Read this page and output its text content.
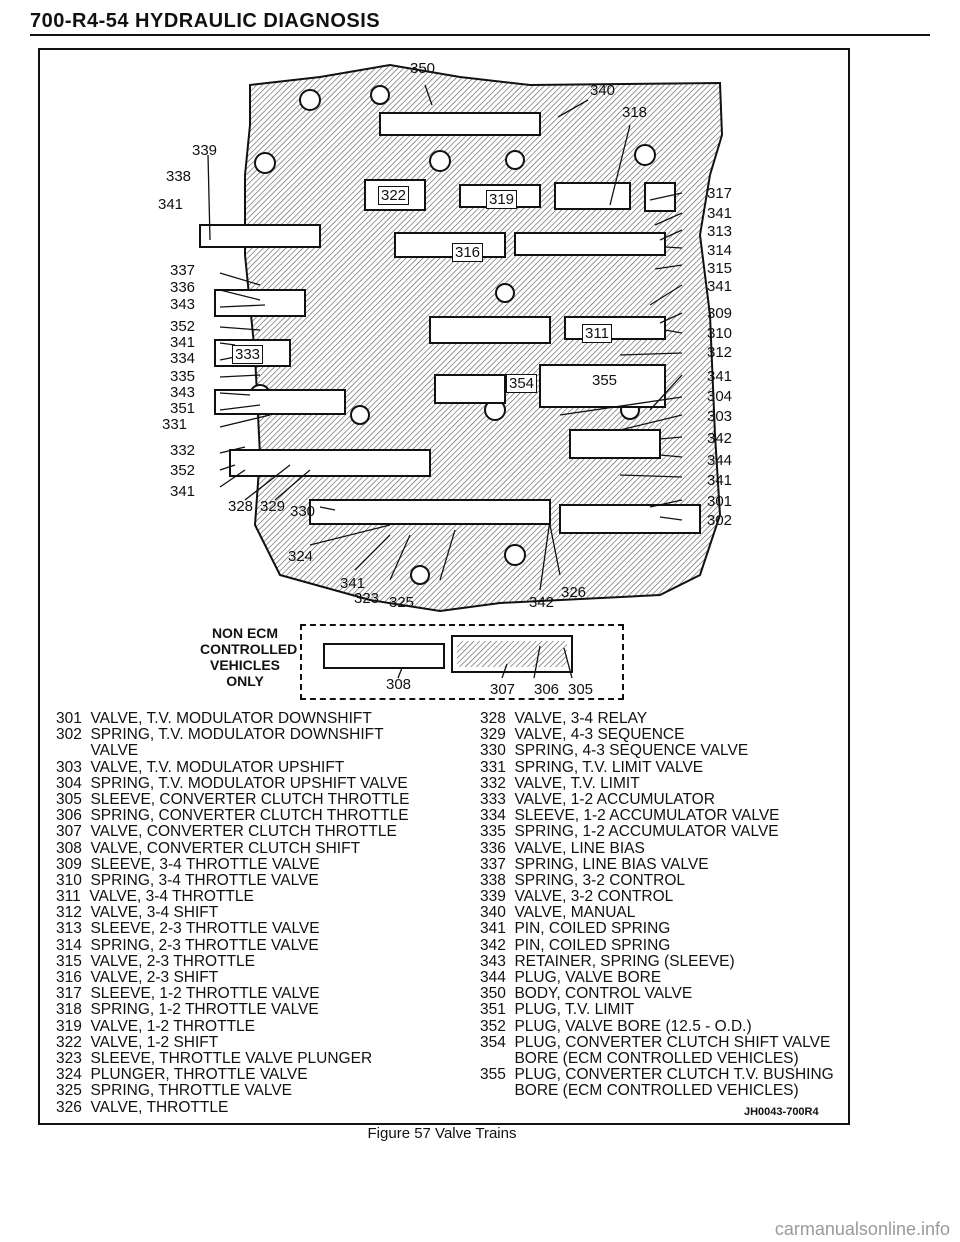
700-R4-54 HYDRAULIC DIAGNOSIS
350
340
318
339
338
341
337
336
343
352
341
334
335
343
351
331
332
352
341
328 329 330
324
341
323 325	342
326
317
341
313
314
315
341
309
310
312
341
304
303
342
344
341
301
302
322	319
316
311
333
354	355
NON ECM
CONTROLLED
VEHICLES
ONLY	308	307 306 305
301  VALVE, T.V. MODULATOR DOWNSHIFT
302  SPRING, T.V. MODULATOR DOWNSHIFT
VALVE
303  VALVE, T.V. MODULATOR UPSHIFT
304  SPRING, T.V. MODULATOR UPSHIFT VALVE
305  SLEEVE, CONVERTER CLUTCH THROTTLE
306  SPRING, CONVERTER CLUTCH THROTTLE
307  VALVE, CONVERTER CLUTCH THROTTLE
308  VALVE, CONVERTER CLUTCH SHIFT
309  SLEEVE, 3-4 THROTTLE VALVE
310  SPRING, 3-4 THROTTLE VALVE
311  VALVE, 3-4 THROTTLE
312  VALVE, 3-4 SHIFT
313  SLEEVE, 2-3 THROTTLE VALVE
314  SPRING, 2-3 THROTTLE VALVE
315  VALVE, 2-3 THROTTLE
316  VALVE, 2-3 SHIFT
317  SLEEVE, 1-2 THROTTLE VALVE
318  SPRING, 1-2 THROTTLE VALVE
319  VALVE, 1-2 THROTTLE
322  VALVE, 1-2 SHIFT
323  SLEEVE, THROTTLE VALVE PLUNGER
324  PLUNGER, THROTTLE VALVE
325  SPRING, THROTTLE VALVE
326  VALVE, THROTTLE
328  VALVE, 3-4 RELAY
329  VALVE, 4-3 SEQUENCE
330  SPRING, 4-3 SEQUENCE VALVE
331  SPRING, T.V. LIMIT VALVE
332  VALVE, T.V. LIMIT
333  VALVE, 1-2 ACCUMULATOR
334  SLEEVE, 1-2 ACCUMULATOR VALVE
335  SPRING, 1-2 ACCUMULATOR VALVE
336  VALVE, LINE BIAS
337  SPRING, LINE BIAS VALVE
338  SPRING, 3-2 CONTROL
339  VALVE, 3-2 CONTROL
340  VALVE, MANUAL
341  PIN, COILED SPRING
342  PIN, COILED SPRING
343  RETAINER, SPRING (SLEEVE)
344  PLUG, VALVE BORE
350  BODY, CONTROL VALVE
351  PLUG, T.V. LIMIT
352  PLUG, VALVE BORE (12.5 - O.D.)
354  PLUG, CONVERTER CLUTCH SHIFT VALVE
BORE (ECM CONTROLLED VEHICLES)
355  PLUG, CONVERTER CLUTCH T.V. BUSHING
BORE (ECM CONTROLLED VEHICLES)
JH0043-700R4
Figure 57 Valve Trains
carmanualsonline.info
